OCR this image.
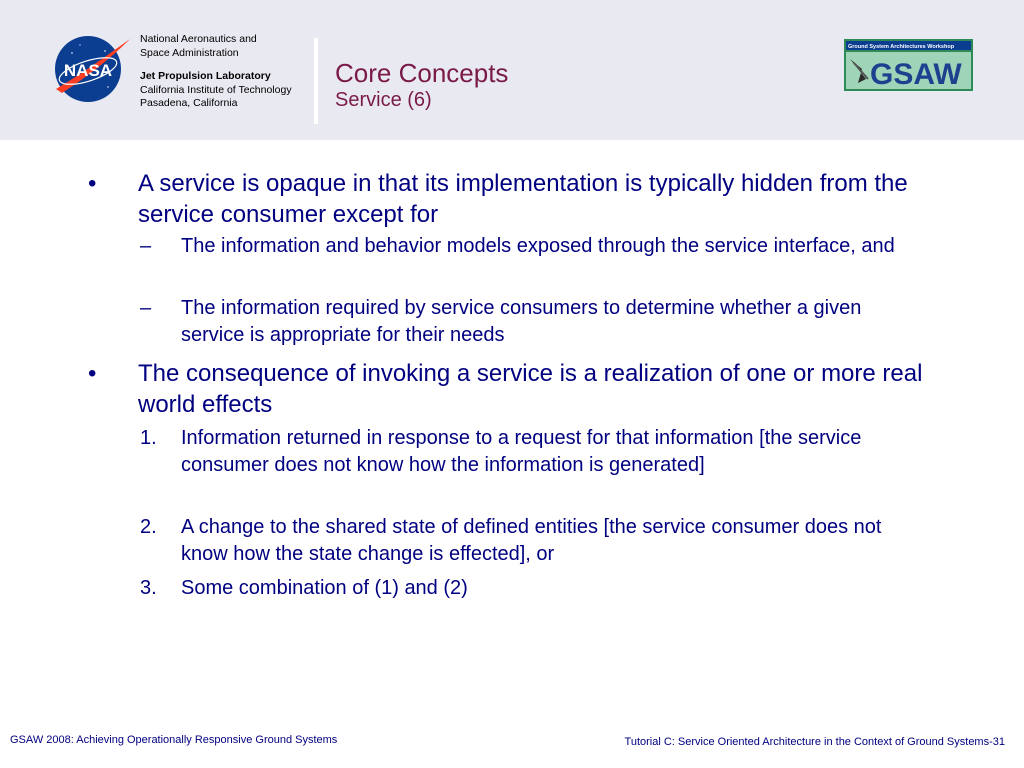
NASA
National Aeronautics and
Space Administration
Jet Propulsion Laboratory
California Institute of Technology
Pasadena, California
Core Concepts
Service (6)
Ground System Architectures Workshop
GSAW
• A service is opaque in that its implementation is typically hidden from the service consumer except for
– The information and behavior models exposed through the service interface, and
– The information required by service consumers to determine whether a given service is appropriate for their needs
• The consequence of invoking a service is a realization of one or more real world effects
1. Information returned in response to a request for that information [the service consumer does not know how the information is generated]
2. A change to the shared state of defined entities [the service consumer does not know how the state change is effected], or
3. Some combination of (1) and (2)
GSAW 2008: Achieving Operationally Responsive Ground Systems	Tutorial C: Service Oriented Architecture in the Context of Ground Systems-31
